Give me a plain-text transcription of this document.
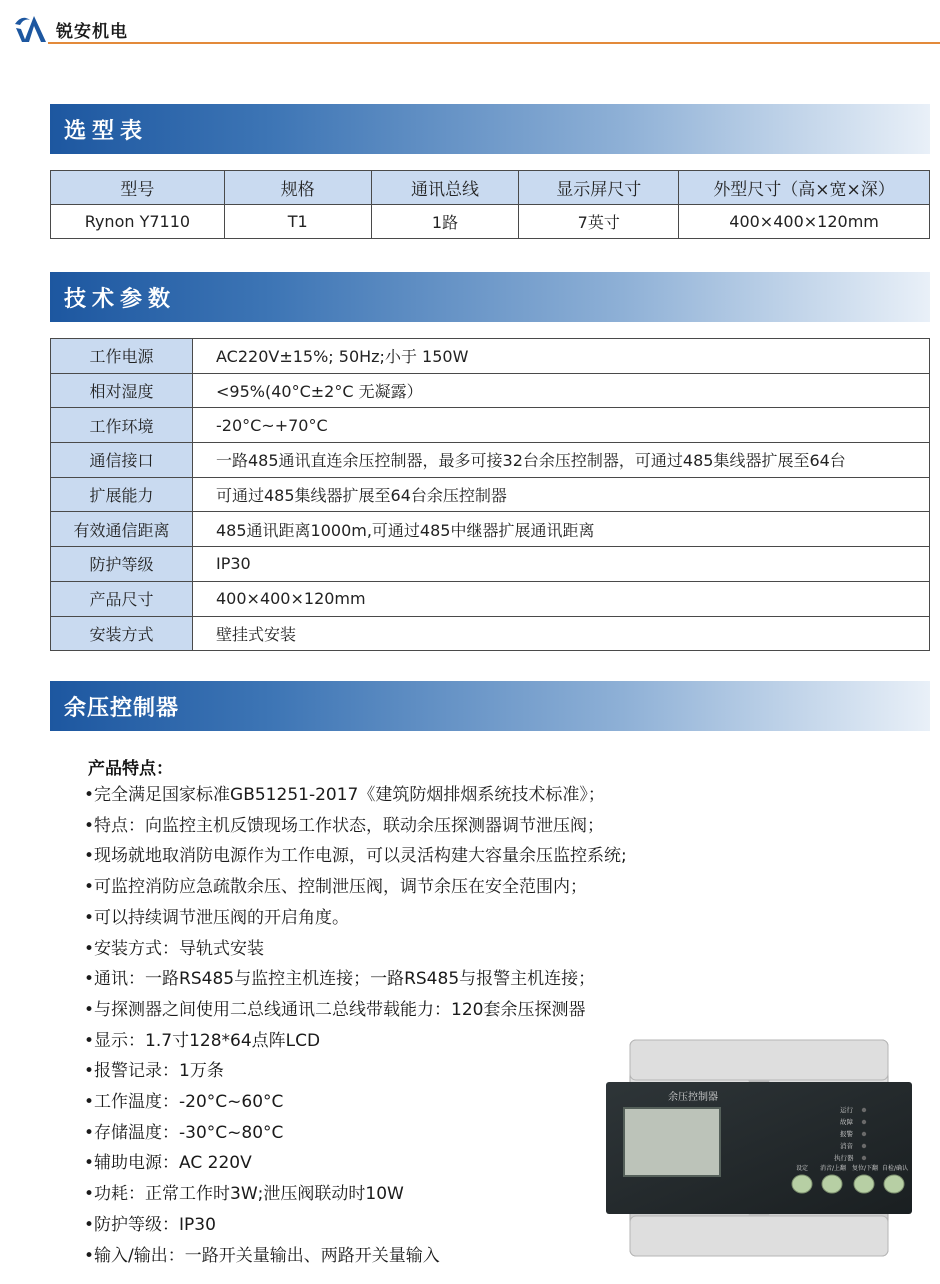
锐安机电
选型表
型号	规格	通讯总线	显示屏尺寸	外型尺寸（高×宽×深）
Rynon Y7110	T1	1路	7英寸	400×400×120mm
技术参数
工作电源	AC220V±15%; 50Hz;小于 150W
相对湿度	<95%(40°C±2°C 无凝露）
工作环境	-20°C~+70°C
通信接口	一路485通讯直连余压控制器，最多可接32台余压控制器，可通过485集线器扩展至64台
扩展能力	可通过485集线器扩展至64台余压控制器
有效通信距离	485通讯距离1000m,可通过485中继器扩展通讯距离
防护等级	IP30
产品尺寸	400×400×120mm
安装方式	壁挂式安装
余压控制器
产品特点：
• 完全满足国家标准GB51251-2017《建筑防烟排烟系统技术标准》；
• 特点：向监控主机反馈现场工作状态，联动余压探测器调节泄压阀；
• 现场就地取消防电源作为工作电源，可以灵活构建大容量余压监控系统;
• 可监控消防应急疏散余压、控制泄压阀，调节余压在安全范围内；
• 可以持续调节泄压阀的开启角度。
• 安装方式：导轨式安装
• 通讯：一路RS485与监控主机连接；一路RS485与报警主机连接；
• 与探测器之间使用二总线通讯二总线带载能力：120套余压探测器
• 显示：1.7寸128*64点阵LCD
• 报警记录：1万条
• 工作温度：-20°C~60°C
• 存储温度：-30°C~80°C
• 辅助电源：AC 220V
• 功耗：正常工作时3W;泄压阀联动时10W
• 防护等级：IP30
• 输入/输出：一路开关量输出、两路开关量输入
余压控制器
运行
故障
报警
消音
执行器
设定 消音/上翻 复位/下翻 自检/确认
